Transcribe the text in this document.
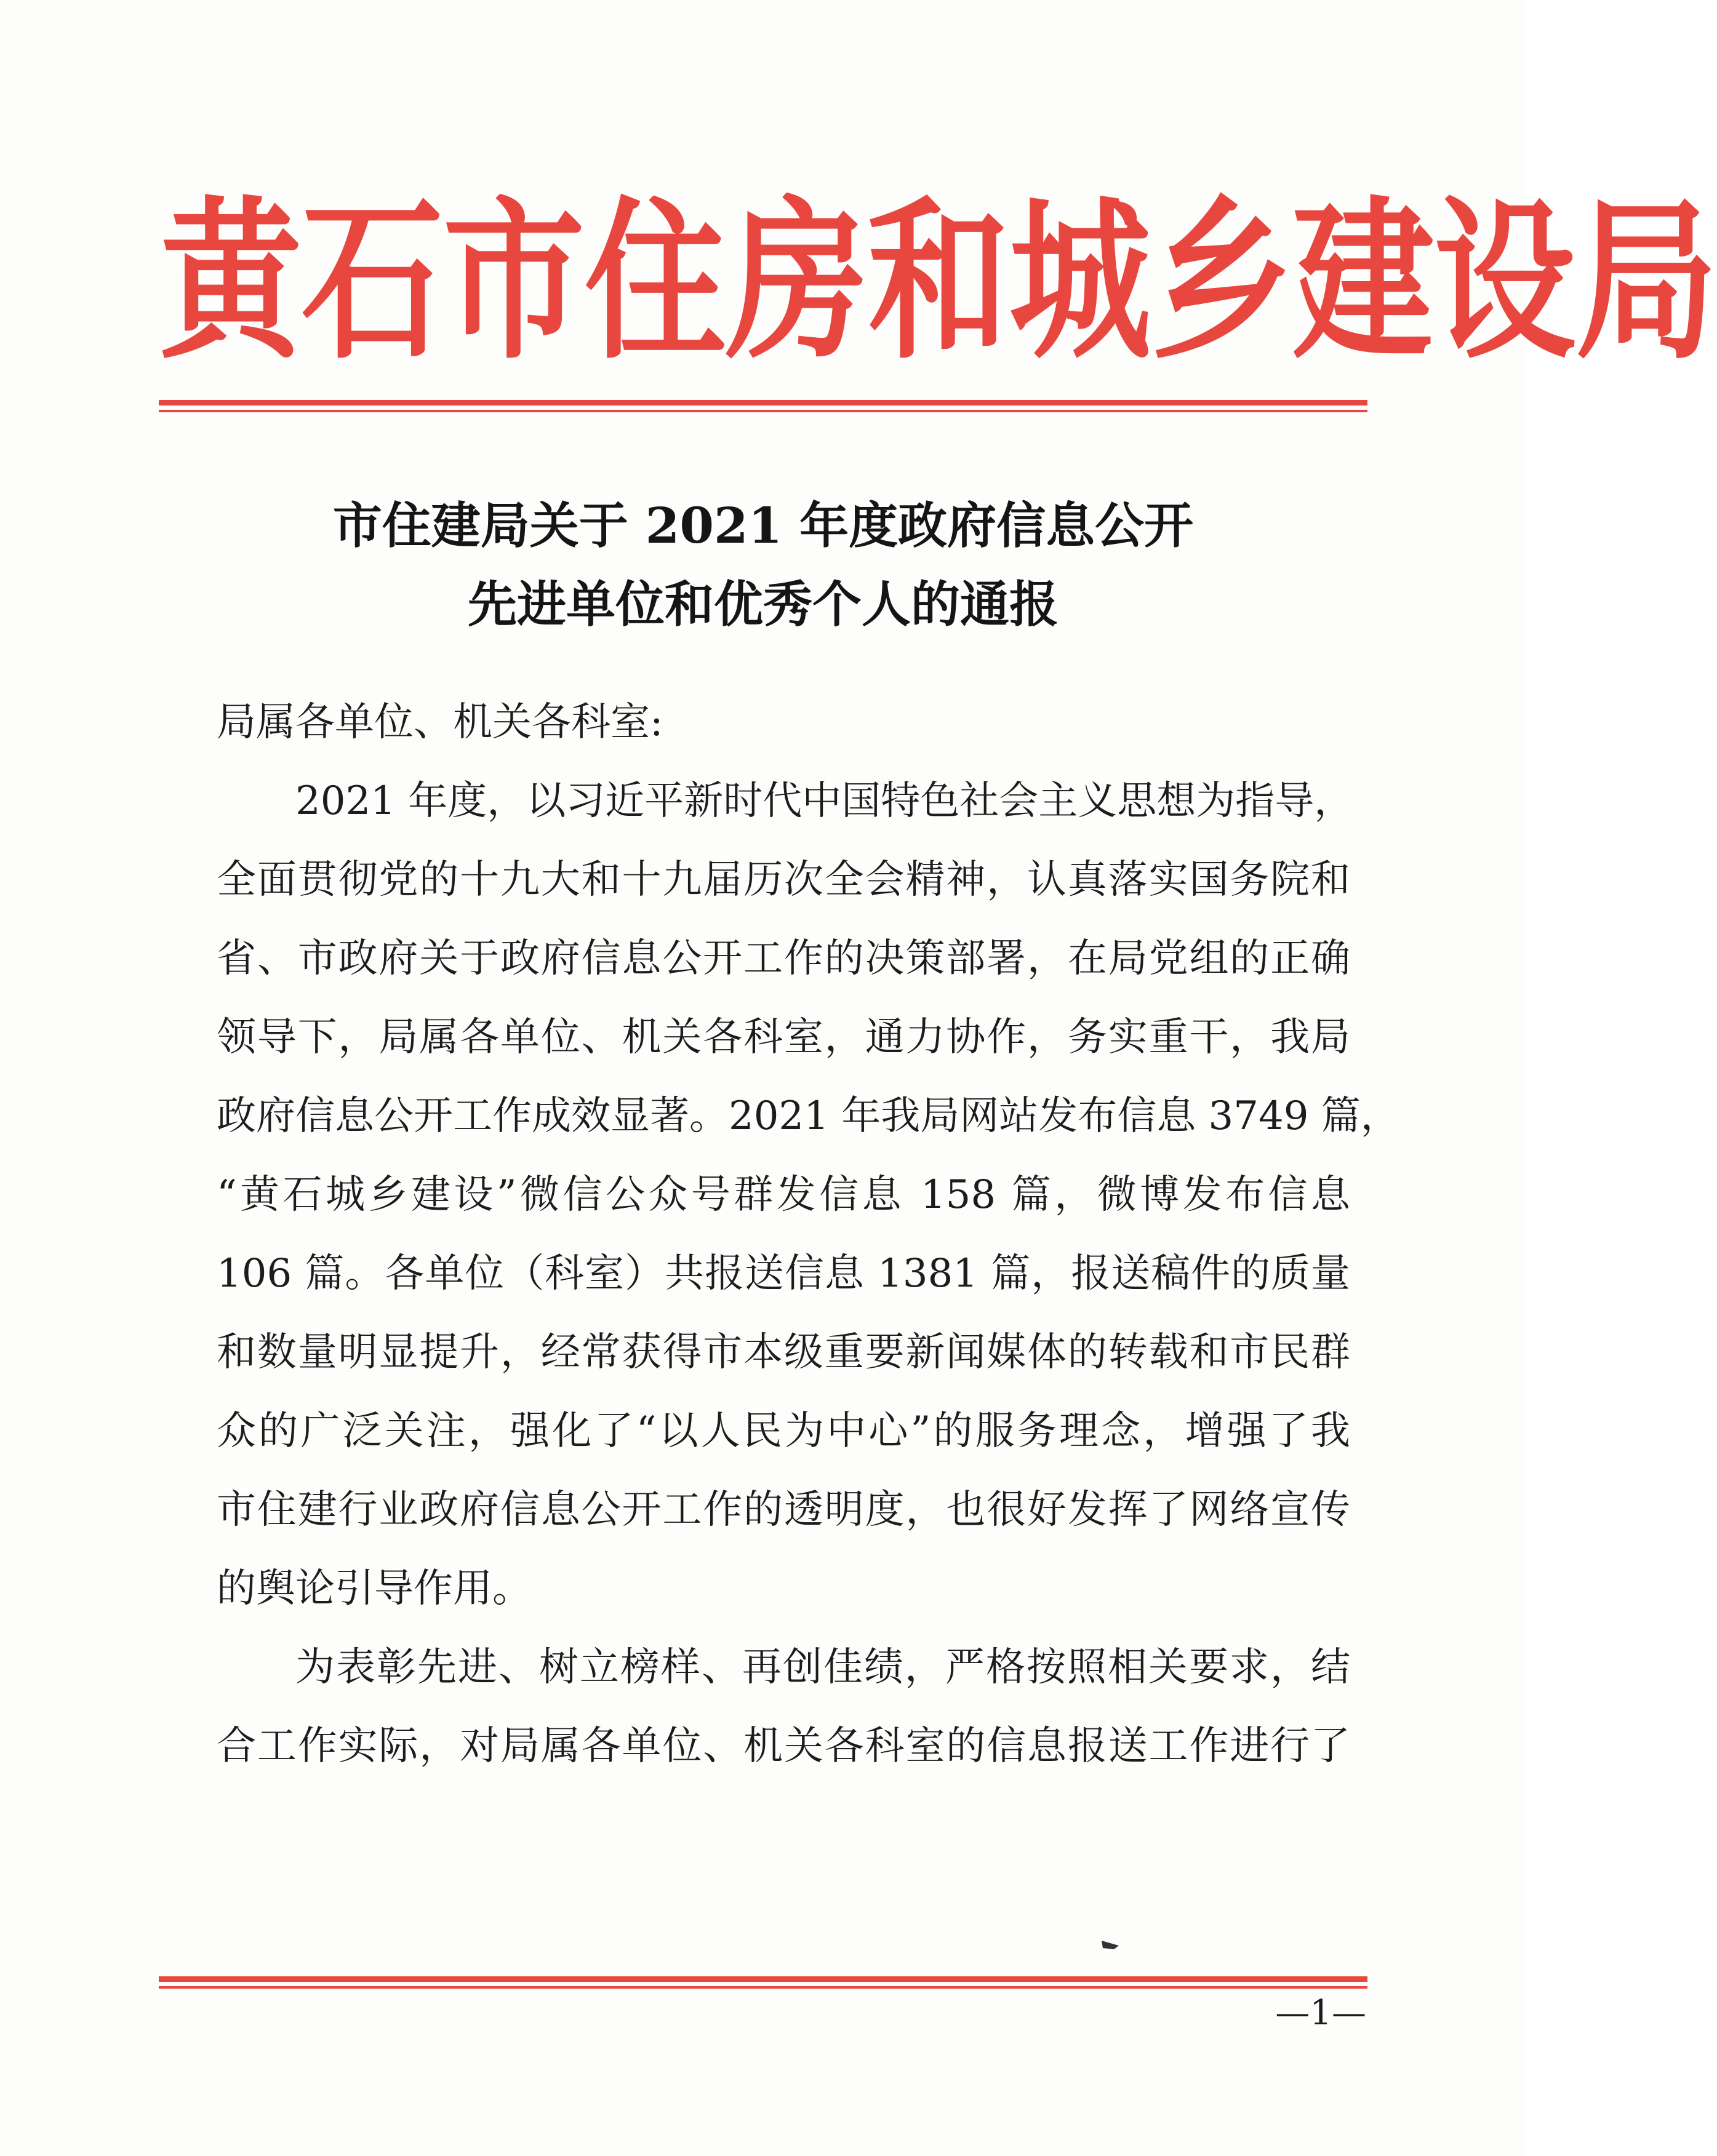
黄 石 市 住 房 和 城 乡 建 设 局
市住建局关于 2021 年度政府信息公开
先进单位和优秀个人的通报

局属各单位、机关各科室:

2021 年度，以习近平新时代中国特色社会主义思想为指导，
全面贯彻党的十九大和十九届历次全会精神，认真落实国务院和
省、市政府关于政府信息公开工作的决策部署，在局党组的正确
领导下，局属各单位、机关各科室，通力协作，务实重干，我局
政府信息公开工作成效显著。2021 年我局网站发布信息 3749 篇，
“黄石城乡建设”微信公众号群发信息 158 篇，微博发布信息
106 篇。各单位（科室）共报送信息 1381 篇，报送稿件的质量
和数量明显提升，经常获得市本级重要新闻媒体的转载和市民群
众的广泛关注，强化了“以人民为中心”的服务理念，增强了我
市住建行业政府信息公开工作的透明度，也很好发挥了网络宣传
的舆论引导作用。
为表彰先进、树立榜样、再创佳绩，严格按照相关要求，结
合工作实际，对局属各单位、机关各科室的信息报送工作进行了
—1—
